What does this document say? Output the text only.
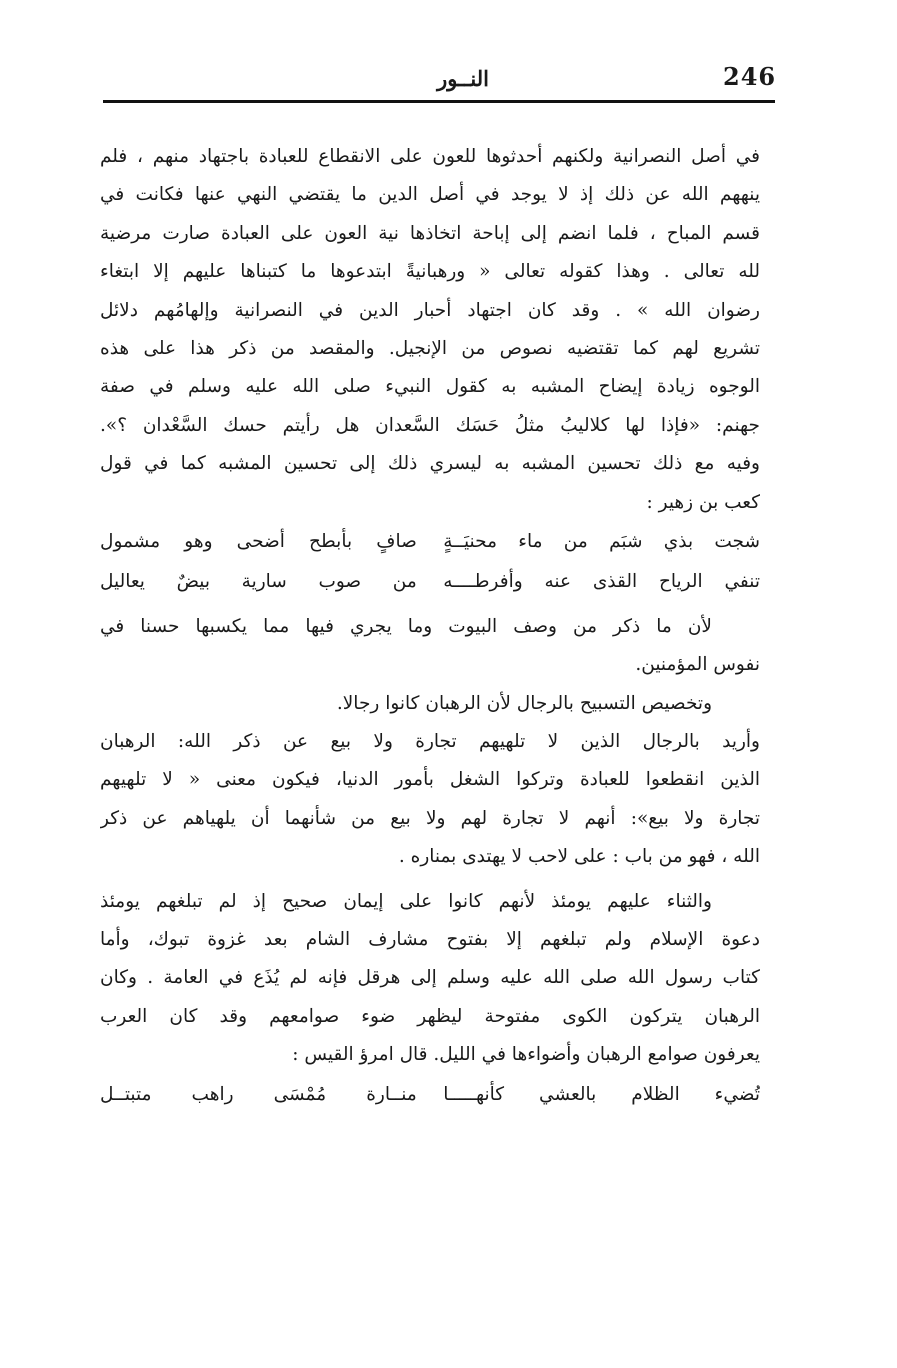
246
النــور
في أصل النصرانية ولكنهم أحدثوها للعون على الانقطاع للعبادة باجتهاد منهم ، فلم
ينههم الله عن ذلك إذ لا يوجد في أصل الدين ما يقتضي النهي عنها فكانت في
قسم المباح ، فلما انضم إلى إباحة اتخاذها نية العون على العبادة صارت مرضية
لله تعالى . وهذا كقوله تعالى « ورهبانيةً ابتدعوها ما كتبناها عليهم إلا ابتغاء
رضوان الله » . وقد كان اجتهاد أحبار الدين في النصرانية وإلهامُهم دلائل
تشريع لهم كما تقتضيه نصوص من الإنجيل. والمقصد من ذكر هذا على هذه
الوجوه زيادة إيضاح المشبه به كقول النبيء صلى الله عليه وسلم في صفة
جهنم: «فإذا لها كلاليبُ مثلُ حَسَك السَّعدان هل رأيتم حسك السَّعْدان ؟».
وفيه مع ذلك تحسين المشبه به ليسري ذلك إلى تحسين المشبه كما في قول
كعب بن زهير :
شجت بذي شبَم من ماء محنيَــةٍ
صافٍ بأبطح أضحى وهو مشمول
تنفي الرياح القذى عنه وأفرطــــه
من صوب سارية بيضٌ يعاليل
لأن ما ذكر من وصف البيوت وما يجري فيها مما يكسبها حسنا في
نفوس المؤمنين.
وتخصيص التسبيح بالرجال لأن الرهبان كانوا رجالا.
وأريد بالرجال الذين لا تلهيهم تجارة ولا بيع عن ذكر الله: الرهبان
الذين انقطعوا للعبادة وتركوا الشغل بأمور الدنيا، فيكون معنى « لا تلهيهم
تجارة ولا بيع»: أنهم لا تجارة لهم ولا بيع من شأنهما أن يلهياهم عن ذكر
الله ، فهو من باب : على لاحب لا يهتدى بمناره .
والثناء عليهم يومئذ لأنهم كانوا على إيمان صحيح إذ لم تبلغهم يومئذ
دعوة الإسلام ولم تبلغهم إلا بفتوح مشارف الشام بعد غزوة تبوك، وأما
كتاب رسول الله صلى الله عليه وسلم إلى هرقل فإنه لم يُذَع في العامة . وكان
الرهبان يتركون الكوى مفتوحة ليظهر ضوء صوامعهم وقد كان العرب
يعرفون صوامع الرهبان وأضواءها في الليل. قال امرؤ القيس :
تُضيء الظلام بالعشي كأنهـــــا
منــارة مُمْسَى راهب متبتــل
